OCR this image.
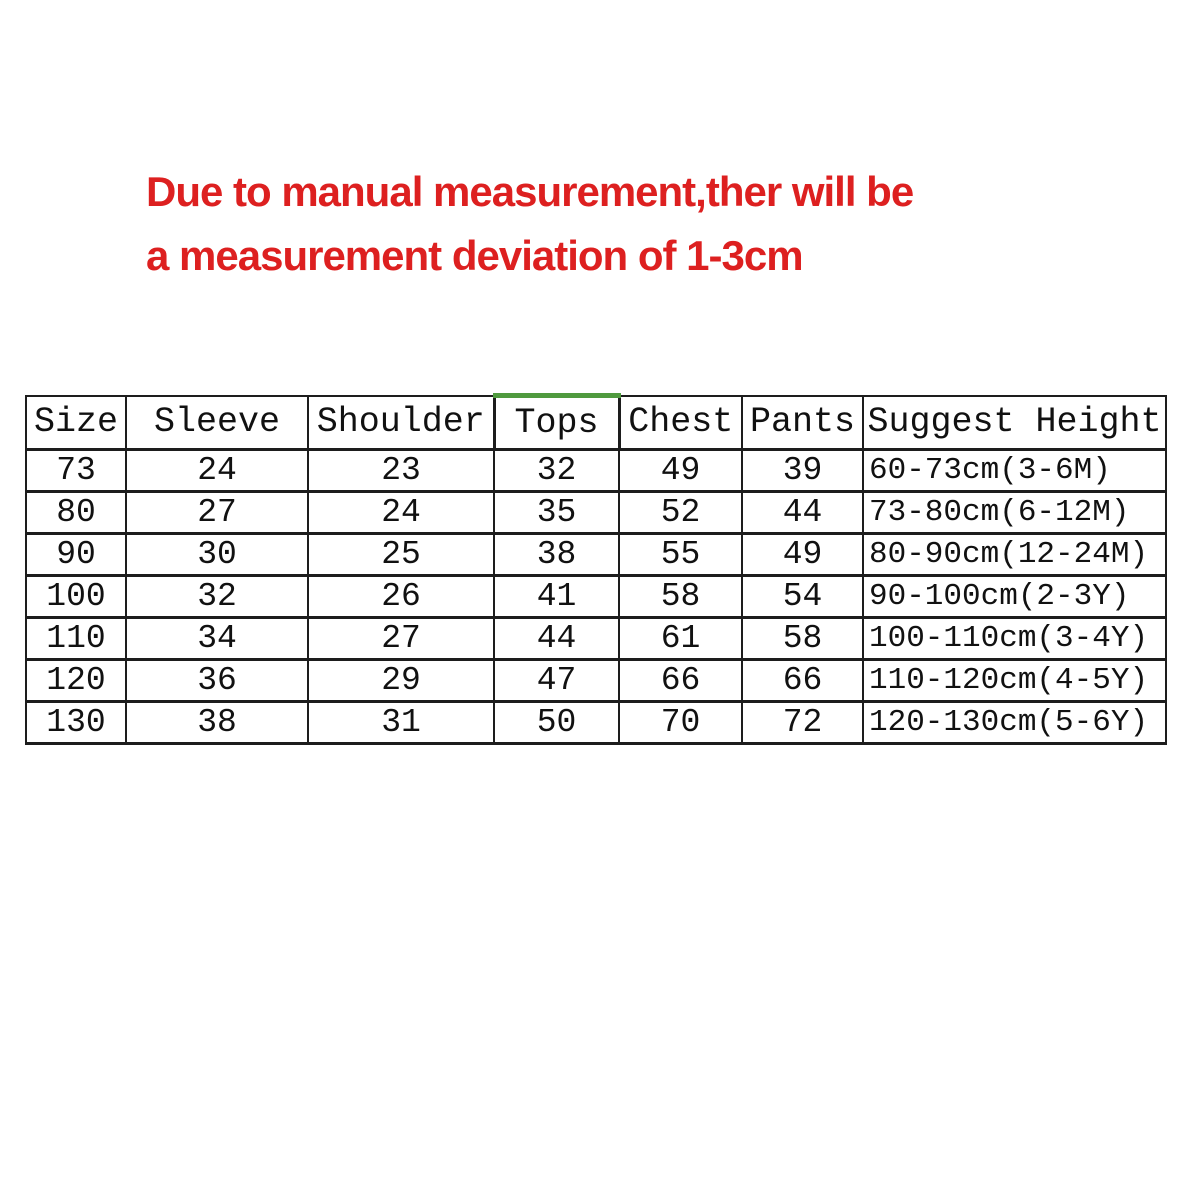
Due to manual measurement,ther will be
a measurement deviation of 1-3cm
Size	Sleeve	Shoulder	Tops	Chest	Pants	Suggest Height
73	24	23	32	49	39	60-73cm(3-6M)
80	27	24	35	52	44	73-80cm(6-12M)
90	30	25	38	55	49	80-90cm(12-24M)
100	32	26	41	58	54	90-100cm(2-3Y)
110	34	27	44	61	58	100-110cm(3-4Y)
120	36	29	47	66	66	110-120cm(4-5Y)
130	38	31	50	70	72	120-130cm(5-6Y)
